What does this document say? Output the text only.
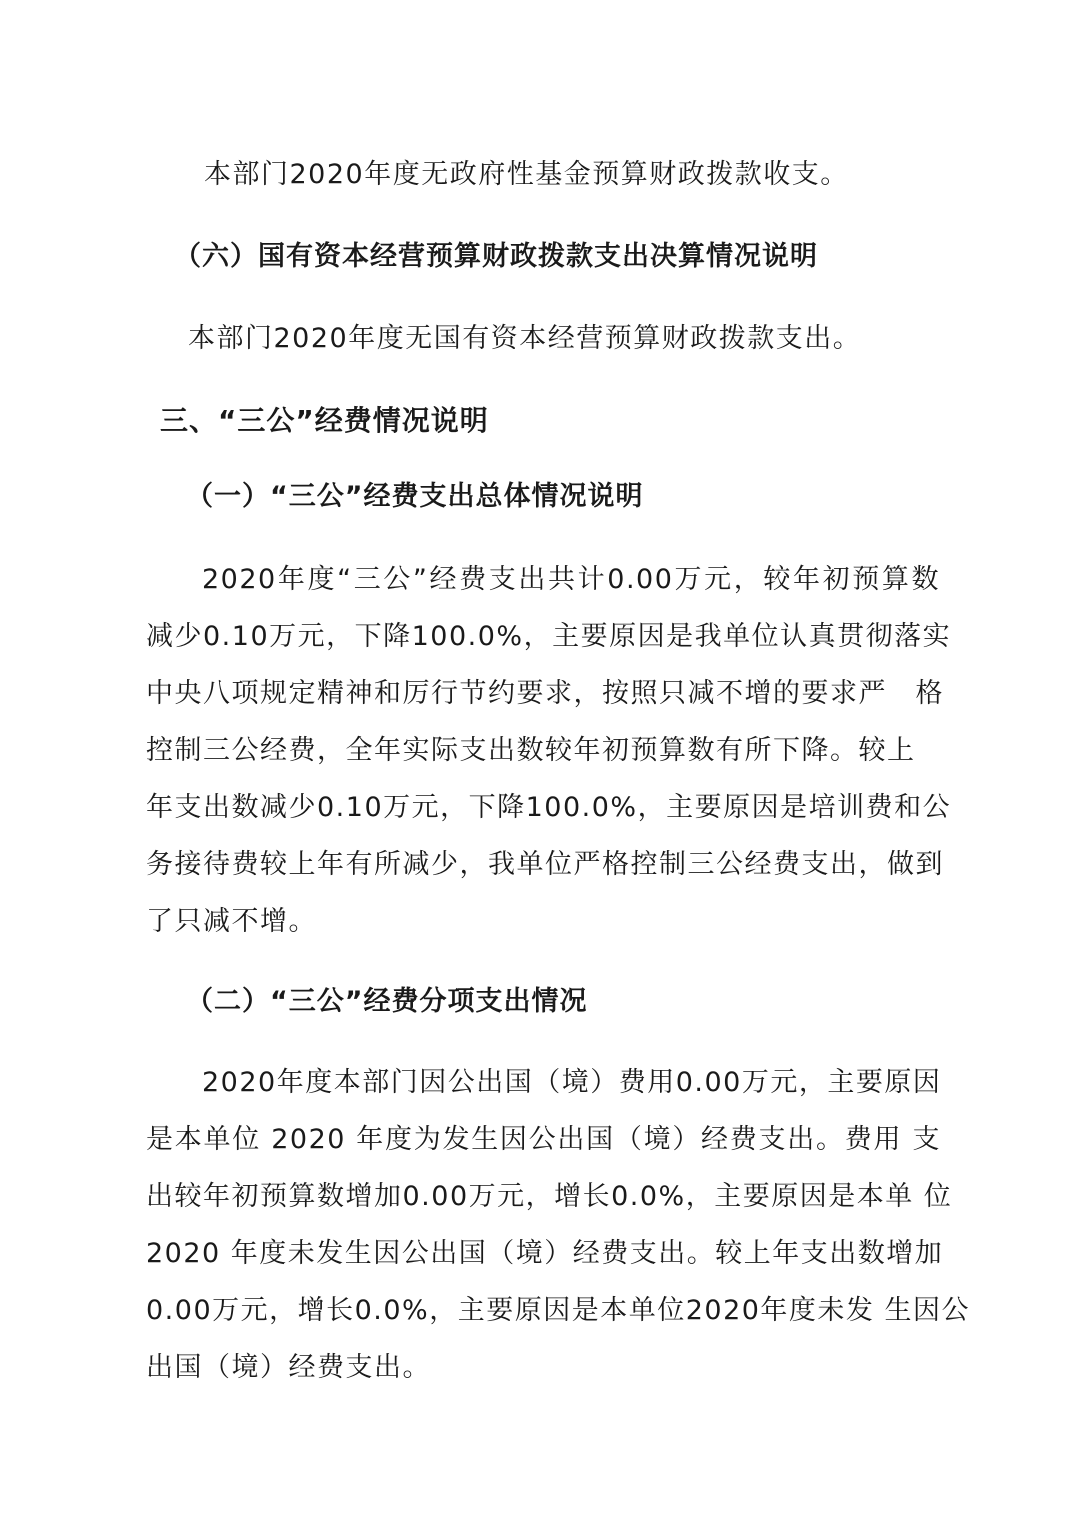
本部门2020年度无政府性基金预算财政拨款收支。
（六）国有资本经营预算财政拨款支出决算情况说明
本部门2020年度无国有资本经营预算财政拨款支出。
三、“三公”经费情况说明
（一）“三公”经费支出总体情况说明
2020年度“三公”经费支出共计0.00万元，较年初预算数
减少0.10万元，下降100.0%，主要原因是我单位认真贯彻落实
中央八项规定精神和厉行节约要求，按照只减不增的要求严　格
控制三公经费，全年实际支出数较年初预算数有所下降。较上
年支出数减少0.10万元，下降100.0%，主要原因是培训费和公
务接待费较上年有所减少，我单位严格控制三公经费支出，做到
了只减不增。
（二）“三公”经费分项支出情况
2020年度本部门因公出国（境）费用0.00万元，主要原因
是本单位 2020 年度为发生因公出国（境）经费支出。费用 支
出较年初预算数增加0.00万元，增长0.0%，主要原因是本单 位
2020 年度未发生因公出国（境）经费支出。较上年支出数增加
0.00万元，增长0.0%，主要原因是本单位2020年度未发 生因公
出国（境）经费支出。
